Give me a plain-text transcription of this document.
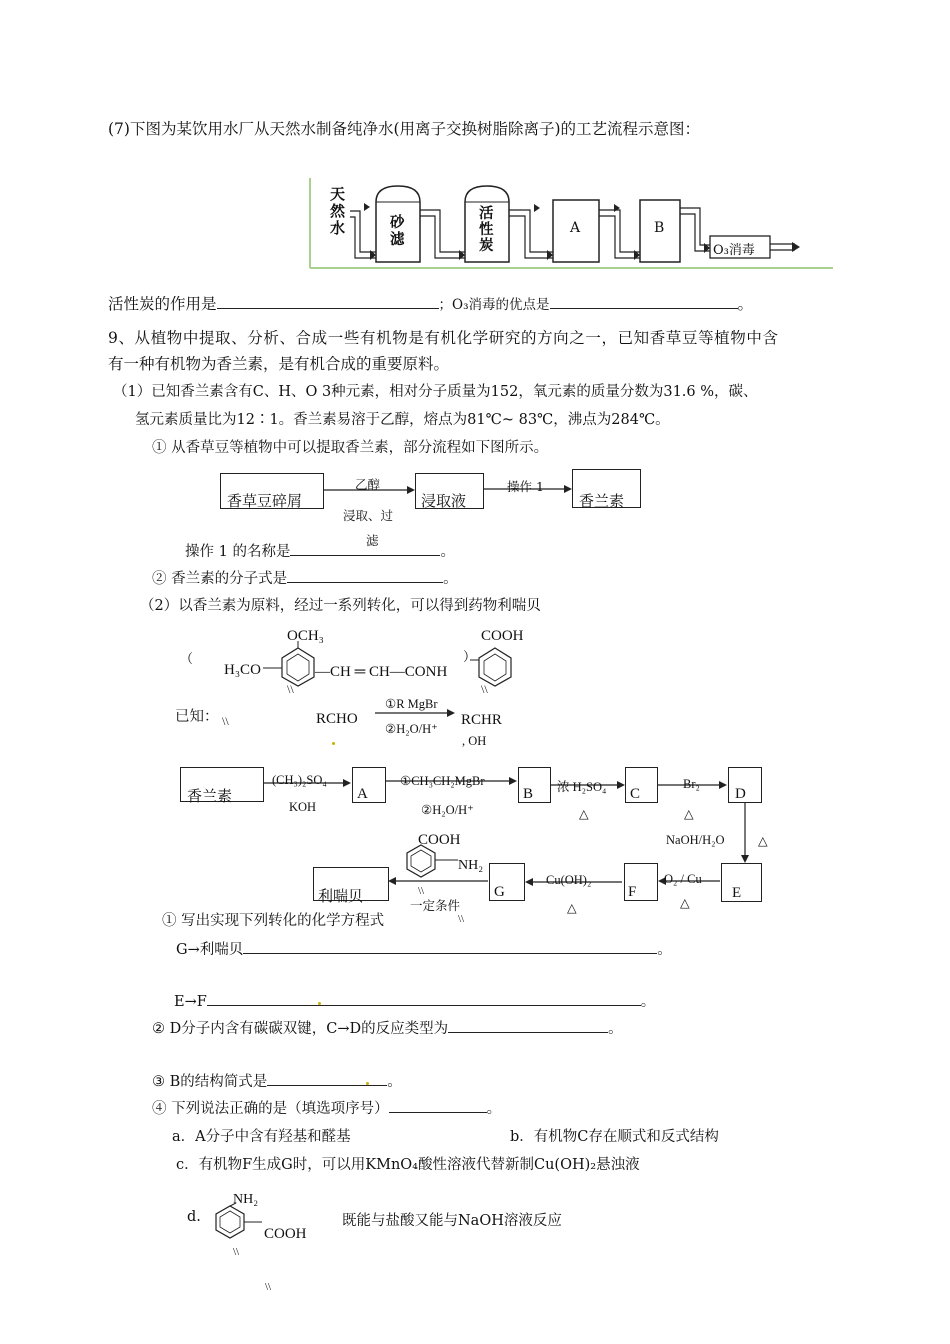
(7)下图为某饮用水厂从天然水制备纯净水(用离子交换树脂除离子)的工艺流程示意图：
天然水	砂滤
活性炭
A	B
O₃消毒
活性炭的作用是	；O₃消毒的优点是	。
9、从植物中提取、分析、合成一些有机物是有机化学研究的方向之一，已知香草豆等植物中含
有一种有机物为香兰素，是有机合成的重要原料。
（1）已知香兰素含有C、H、O 3种元素，相对分子质量为152，氧元素的质量分数为31.6 %，碳、
氢元素质量比为12∶1。香兰素易溶于乙醇，熔点为81℃~ 83℃，沸点为284℃。
① 从香草豆等植物中可以提取香兰素，部分流程如下图所示。
香草豆碎屑
乙醇
浸取、过
滤
浸取液
操作 1
香兰素
操作 1 的名称是	。
② 香兰素的分子式是	。
（2）以香兰素为原料，经过一系列转化，可以得到药物利喘贝
（
OCH₃
H₃CO	—CH ═ CH—CONH
）
COOH
\\	\\
已知： \\	RCHO
①R MgBr
②H₂O/H⁺
RCHR
, OH
香兰素
(CH₃)₂SO₄
KOH
A
①CH₃CH₂MgBr
②H₂O/H⁺
B 浓 H₂SO₄
△
C
Br₂
△
D
NaOH/H₂O	△
E
O₂ / Cu
△
F
Cu(OH)₂
△
G
COOH
NH₂
一定条件
\\
利喘贝
① 写出实现下列转化的化学方程式	\\
G→利喘贝	。
E→F	。
② D分子内含有碳碳双键，C→D的反应类型为	。
③ B的结构简式是	。
④ 下列说法正确的是（填选项序号）	。
a．A分子中含有羟基和醛基	b．有机物C存在顺式和反式结构
c．有机物F生成G时，可以用KMnO₄酸性溶液代替新制Cu(OH)₂悬浊液
d.
NH₂
COOH
既能与盐酸又能与NaOH溶液反应
\\
\\
